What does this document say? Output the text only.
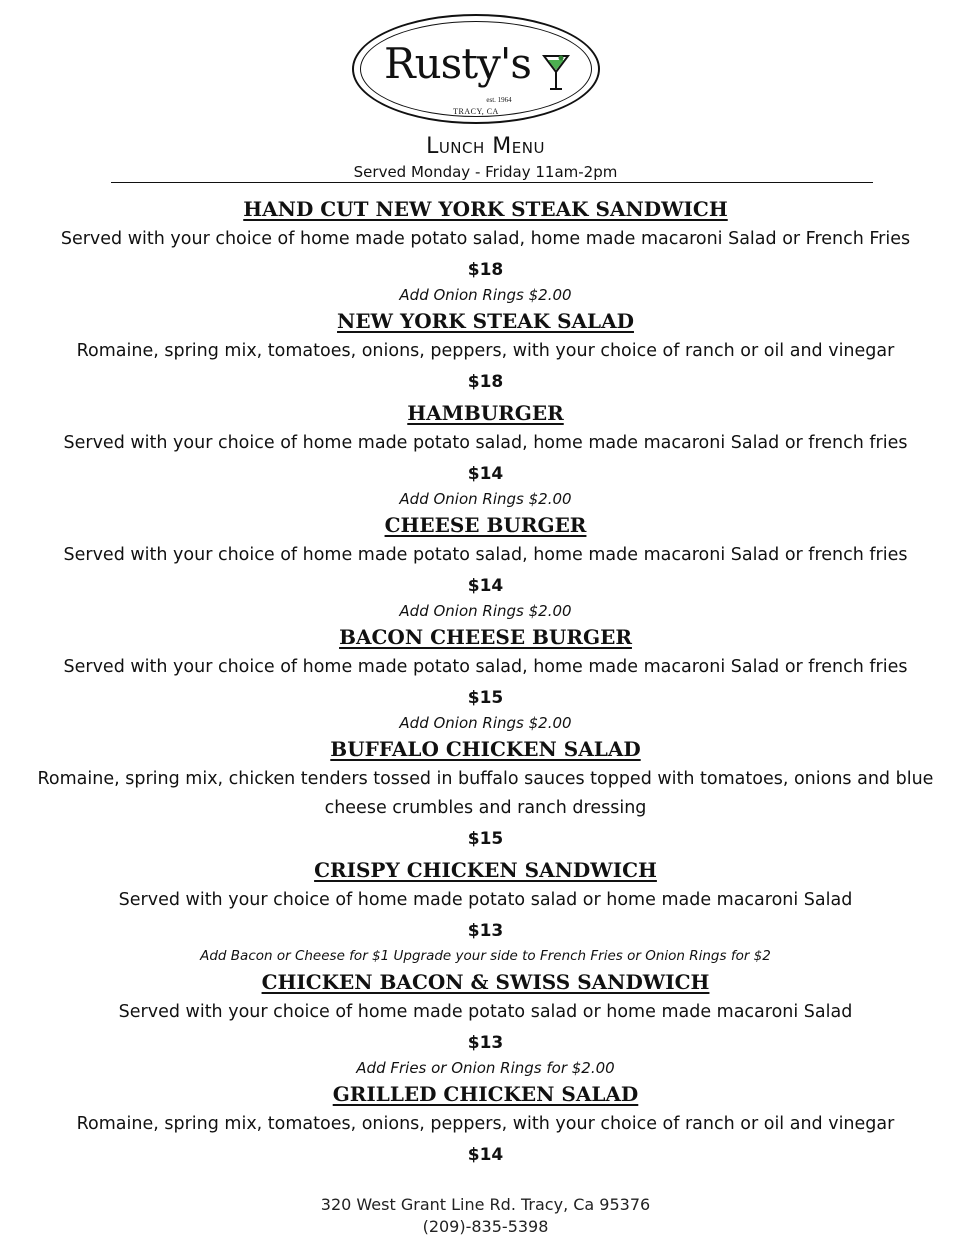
Rusty's
est. 1964
TRACY, CA
Lunch Menu
Served Monday - Friday 11am-2pm
HAND CUT NEW YORK STEAK SANDWICH
Served with your choice of home made potato salad, home made macaroni Salad or French Fries
$18
Add Onion Rings $2.00
NEW YORK STEAK SALAD
Romaine, spring mix, tomatoes, onions, peppers, with your choice of ranch or oil and vinegar
$18
HAMBURGER
Served with your choice of home made potato salad, home made macaroni Salad or french fries
$14
Add Onion Rings $2.00
CHEESE BURGER
Served with your choice of home made potato salad, home made macaroni Salad or french fries
$14
Add Onion Rings $2.00
BACON CHEESE BURGER
Served with your choice of home made potato salad, home made macaroni Salad or french fries
$15
Add Onion Rings $2.00
BUFFALO CHICKEN SALAD
Romaine, spring mix, chicken tenders tossed in buffalo sauces topped with tomatoes, onions and blue cheese crumbles and ranch dressing
$15
CRISPY CHICKEN SANDWICH
Served with your choice of home made potato salad or home made macaroni Salad
$13
Add Bacon or Cheese for $1 Upgrade your side to French Fries or Onion Rings for $2
CHICKEN BACON & SWISS SANDWICH
Served with your choice of home made potato salad or home made macaroni Salad
$13
Add Fries or Onion Rings for $2.00
GRILLED CHICKEN SALAD
Romaine, spring mix, tomatoes, onions, peppers, with your choice of ranch or oil and vinegar
$14
320 West Grant Line Rd. Tracy, Ca 95376
(209)-835-5398
